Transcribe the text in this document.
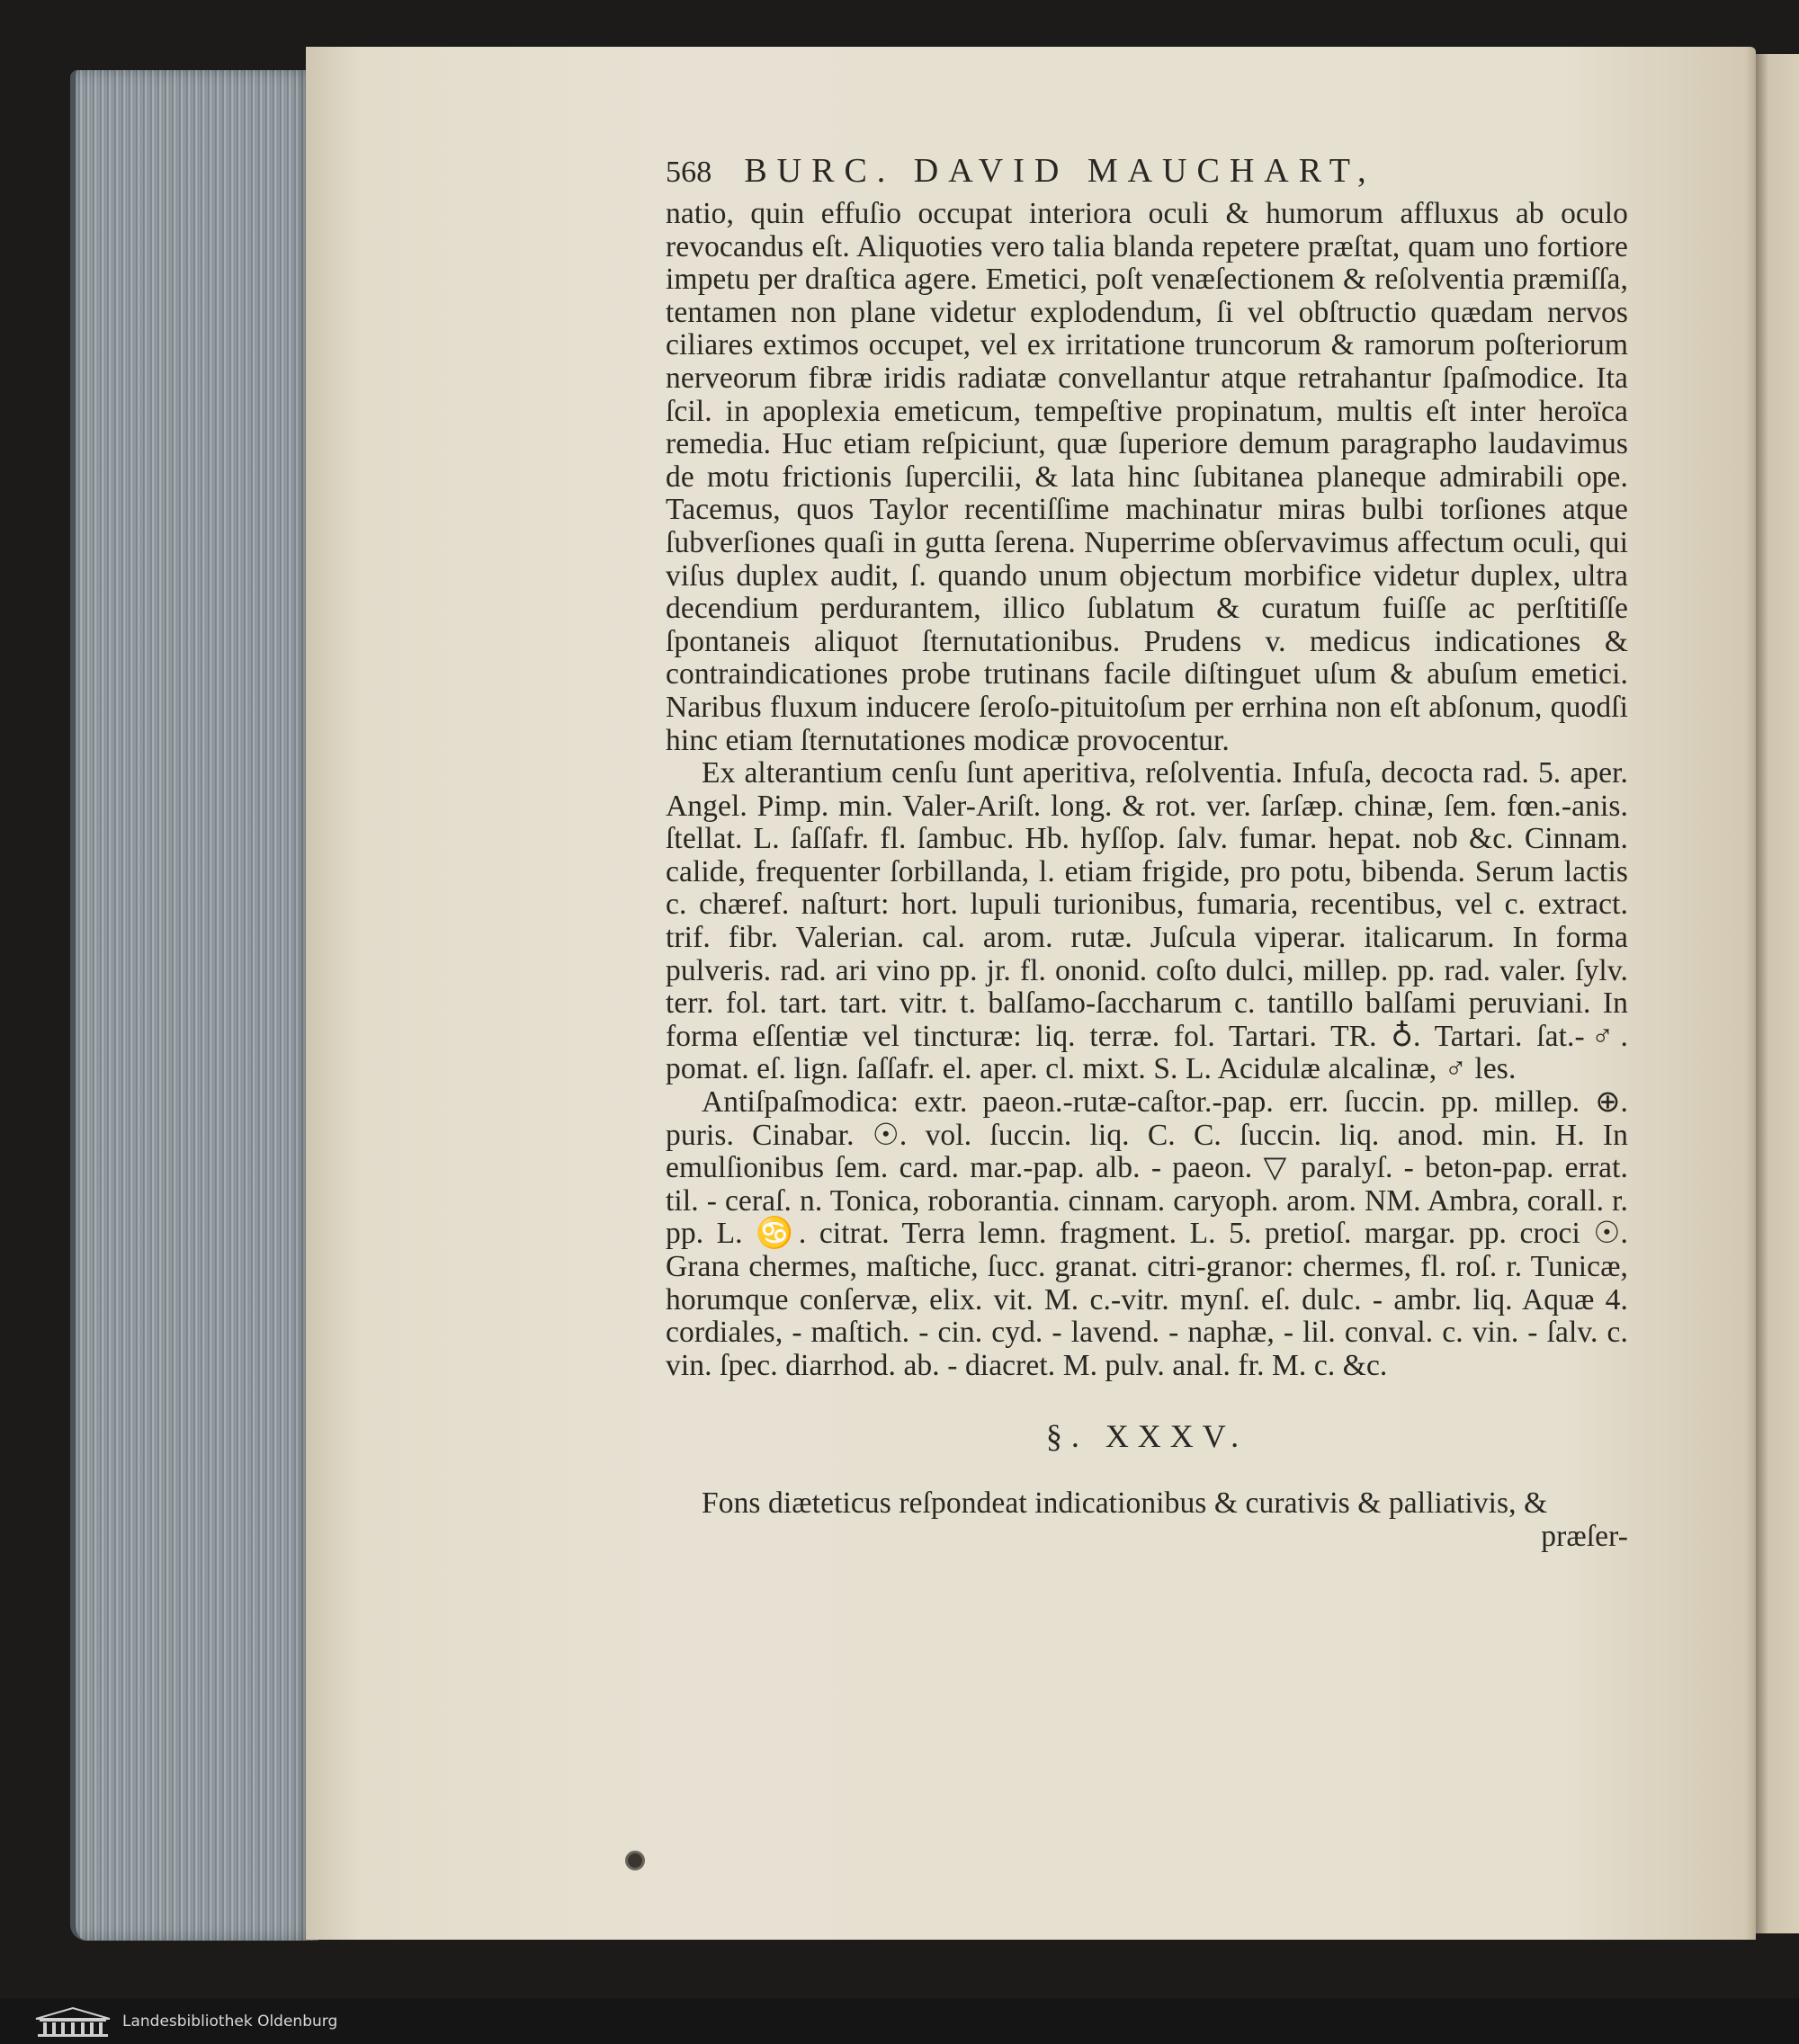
568 BURC. DAVID MAUCHART,

natio, quin effuſio occupat interiora oculi & humorum affluxus ab oculo revocandus eſt. Aliquoties vero talia blanda repetere præſtat, quam uno fortiore impetu per draſtica agere. Emetici, poſt venæſectionem & reſolventia præmiſſa, tentamen non plane videtur explodendum, ſi vel obſtructio quædam nervos ciliares extimos occupet, vel ex irritatione truncorum & ramorum poſteriorum nerveorum fibræ iridis radiatæ convellantur atque retrahantur ſpaſmodice. Ita ſcil. in apoplexia emeticum, tempeſtive propinatum, multis eſt inter heroïca remedia. Huc etiam reſpiciunt, quæ ſuperiore demum paragrapho laudavimus de motu frictionis ſupercilii, & lata hinc ſubitanea planeque admirabili ope. Tacemus, quos Taylor recentiſſime machinatur miras bulbi torſiones atque ſubverſiones quaſi in gutta ſerena. Nuperrime obſervavimus affectum oculi, qui viſus duplex audit, ſ. quando unum objectum morbifice videtur duplex, ultra decendium perdurantem, illico ſublatum & curatum fuiſſe ac perſtitiſſe ſpontaneis aliquot ſternutationibus. Prudens v. medicus indicationes & contraindicationes probe trutinans facile diſtinguet uſum & abuſum emetici. Naribus fluxum inducere ſeroſo-pituitoſum per errhina non eſt abſonum, quodſi hinc etiam ſternutationes modicæ provocentur.

Ex alterantium cenſu ſunt aperitiva, reſolventia. Infuſa, decocta rad. 5. aper. Angel. Pimp. min. Valer-Ariſt. long. & rot. ver. ſarſæp. chinæ, ſem. fœn.-anis. ſtellat. L. ſaſſafr. fl. ſambuc. Hb. hyſſop. ſalv. fumar. hepat. nob &c. Cinnam. calide, frequenter ſorbillanda, l. etiam frigide, pro potu, bibenda. Serum lactis c. chæref. naſturt: hort. lupuli turionibus, fumaria, recentibus, vel c. extract. trif. fibr. Valerian. cal. arom. rutæ. Juſcula viperar. italicarum. In forma pulveris. rad. ari vino pp. jr. fl. ononid. coſto dulci, millep. pp. rad. valer. ſylv. terr. fol. tart. tart. vitr. t. balſamo-ſaccharum c. tantillo balſami peruviani. In forma eſſentiæ vel tincturæ: liq. terræ. fol. Tartari. TR. ♁. Tartari. ſat.-♂. pomat. eſ. lign. ſaſſafr. el. aper. cl. mixt. S. L. Acidulæ alcalinæ, ♂ les.

Antiſpaſmodica: extr. paeon.-rutæ-caſtor.-pap. err. ſuccin. pp. millep. ⊕. puris. Cinabar. ☉. vol. ſuccin. liq. C. C. ſuccin. liq. anod. min. H. In emulſionibus ſem. card. mar.-pap. alb. - paeon. ▽ paralyſ. - beton-pap. errat. til. - ceraſ. n. Tonica, roborantia. cinnam. caryoph. arom. NM. Ambra, corall. r. pp. L. ♋. citrat. Terra lemn. fragment. L. 5. pretioſ. margar. pp. croci ☉. Grana chermes, maſtiche, ſucc. granat. citri-granor: chermes, fl. roſ. r. Tunicæ, horumque conſervæ, elix. vit. M. c.-vitr. mynſ. eſ. dulc. - ambr. liq. Aquæ 4. cordiales, - maſtich. - cin. cyd. - lavend. - naphæ, - lil. conval. c. vin. - ſalv. c. vin. ſpec. diarrhod. ab. - diacret. M. pulv. anal. fr. M. c. &c.

§. XXXV.

Fons diæteticus reſpondeat indicationibus & curativis & palliativis, &

præſer-
Landesbibliothek Oldenburg
